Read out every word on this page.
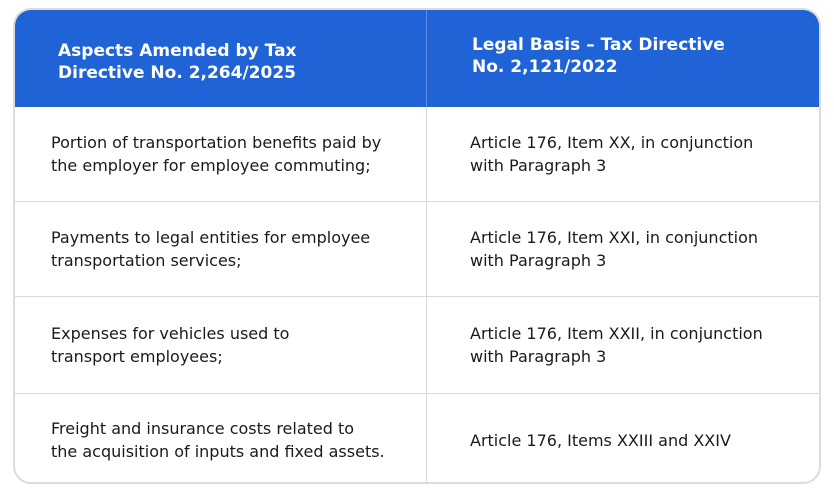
Aspects Amended by Tax
Directive No. 2,264/2025
Legal Basis – Tax Directive
No. 2,121/2022
Portion of transportation benefits paid by
the employer for employee commuting;
Article 176, Item XX, in conjunction
with Paragraph 3
Payments to legal entities for employee
transportation services;
Article 176, Item XXI, in conjunction
with Paragraph 3
Expenses for vehicles used to
transport employees;
Article 176, Item XXII, in conjunction
with Paragraph 3
Freight and insurance costs related to
the acquisition of inputs and fixed assets.
Article 176, Items XXIII and XXIV
